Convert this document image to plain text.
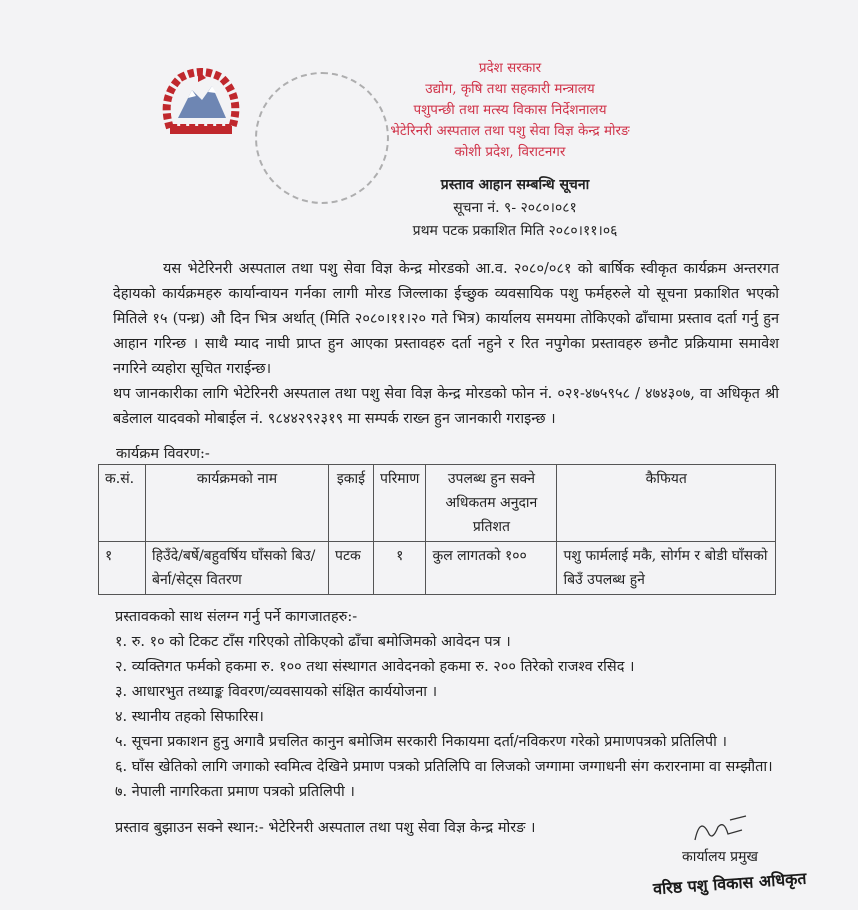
प्रदेश सरकार
उद्योग, कृषि तथा सहकारी मन्त्रालय
पशुपन्छी तथा मत्स्य विकास निर्देशनालय
भेटेरिनरी अस्पताल तथा पशु सेवा विज्ञ केन्द्र मोरङ
कोशी प्रदेश, विराटनगर
प्रस्ताव आहान सम्बन्धि सूचना
सूचना नं. ९- २०८०।०८१
प्रथम पटक प्रकाशित मिति २०८०।११।०६

यस भेटेरिनरी अस्पताल तथा पशु सेवा विज्ञ केन्द्र मोरडको आ.व. २०८०/०८१ को बार्षिक स्वीकृत कार्यक्रम अन्तरगत देहायको कार्यक्रमहरु कार्यान्वायन गर्नका लागी मोरड जिल्लाका ईच्छुक व्यवसायिक पशु फर्महरुले यो सूचना प्रकाशित भएको मितिले १५ (पन्ध्र) औ दिन भित्र अर्थात् (मिति २०८०।११।२० गते भित्र) कार्यालय समयमा तोकिएको ढाँचामा प्रस्ताव दर्ता गर्नु हुन आहान गरिन्छ । साथै म्याद नाघी प्राप्त हुन आएका प्रस्तावहरु दर्ता नहुने र रित नपुगेका प्रस्तावहरु छनौट प्रक्रियामा समावेश नगरिने व्यहोरा सूचित गराईन्छ।

थप जानकारीका लागि भेटेरिनरी अस्पताल तथा पशु सेवा विज्ञ केन्द्र मोरडको फोन नं. ०२१-४७५९५८ / ४७४३०७, वा अधिकृत श्री बडेलाल यादवको मोबाईल नं. ९८४४२९२३१९ मा सम्पर्क राख्न हुन जानकारी गराइन्छ ।

कार्यक्रम विवरण:-
क.सं.	कार्यक्रमको नाम	इकाई	परिमाण	उपलब्ध हुन सक्ने अधिकतम अनुदान प्रतिशत	कैफियत
१	हिउँदे/बर्षे/बहुवर्षिय घाँसको बिउ/बेर्ना/सेट्स वितरण	पटक	१	कुल लागतको १००	पशु फार्मलाई मकै, सोर्गम र बोडी घाँसको बिउँ उपलब्ध हुने
प्रस्तावकको साथ संलग्न गर्नु पर्ने कागजातहरु:-
१. रु. १० को टिकट टाँस गरिएको तोकिएको ढाँचा बमोजिमको आवेदन पत्र ।
२. व्यक्तिगत फर्मको हकमा रु. १०० तथा संस्थागत आवेदनको हकमा रु. २०० तिरेको राजश्व रसिद ।
३. आधारभुत तथ्याङ्क विवरण/व्यवसायको संक्षित कार्ययोजना ।
४. स्थानीय तहको सिफारिस।
५. सूचना प्रकाशन हुनु अगावै प्रचलित कानुन बमोजिम सरकारी निकायमा दर्ता/नविकरण गरेको प्रमाणपत्रको प्रतिलिपी ।
६. घाँस खेतिको लागि जगाको स्वमित्व देखिने प्रमाण पत्रको प्रतिलिपि वा लिजको जग्गामा जग्गाधनी संग करारनामा वा सम्झौता।
७. नेपाली नागरिकता प्रमाण पत्रको प्रतिलिपी ।
प्रस्ताव बुझाउन सक्ने स्थान:- भेटेरिनरी अस्पताल तथा पशु सेवा विज्ञ केन्द्र मोरङ ।
कार्यालय प्रमुख
वरिष्ठ पशु विकास अधिकृत
